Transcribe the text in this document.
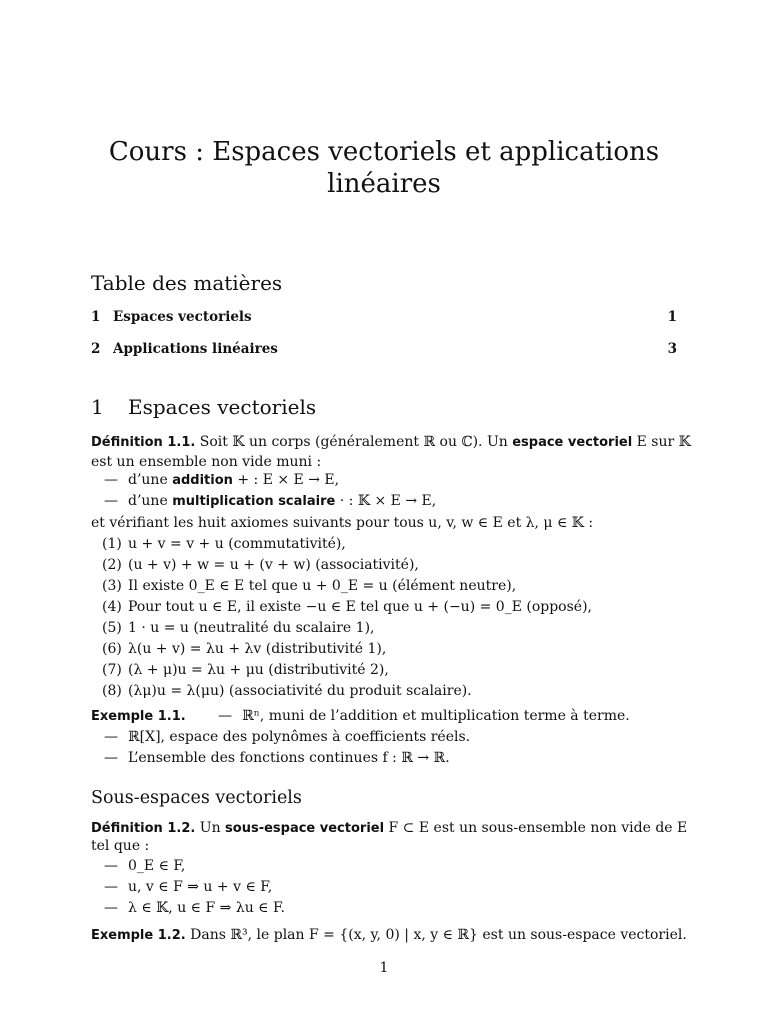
Cours : Espaces vectoriels et applications
linéaires
Table des matières
1 Espaces vectoriels	1
2 Applications linéaires	3
1 Espaces vectoriels
Définition 1.1. Soit 𝕂 un corps (généralement ℝ ou ℂ). Un espace vectoriel E sur 𝕂
est un ensemble non vide muni :
— d’une addition + : E × E → E,
— d’une multiplication scalaire · : 𝕂 × E → E,
et vérifiant les huit axiomes suivants pour tous u, v, w ∈ E et λ, μ ∈ 𝕂 :
(1) u + v = v + u (commutativité),
(2) (u + v) + w = u + (v + w) (associativité),
(3) Il existe 0_E ∈ E tel que u + 0_E = u (élément neutre),
(4) Pour tout u ∈ E, il existe −u ∈ E tel que u + (−u) = 0_E (opposé),
(5) 1 · u = u (neutralité du scalaire 1),
(6) λ(u + v) = λu + λv (distributivité 1),
(7) (λ + μ)u = λu + μu (distributivité 2),
(8) (λμ)u = λ(μu) (associativité du produit scalaire).
Exemple 1.1. — ℝⁿ, muni de l’addition et multiplication terme à terme.
— ℝ[X], espace des polynômes à coefficients réels.
— L’ensemble des fonctions continues f : ℝ → ℝ.
Sous-espaces vectoriels
Définition 1.2. Un sous-espace vectoriel F ⊂ E est un sous-ensemble non vide de E
tel que :
— 0_E ∈ F,
— u, v ∈ F ⇒ u + v ∈ F,
— λ ∈ 𝕂, u ∈ F ⇒ λu ∈ F.
Exemple 1.2. Dans ℝ³, le plan F = {(x, y, 0) | x, y ∈ ℝ} est un sous-espace vectoriel.
1
